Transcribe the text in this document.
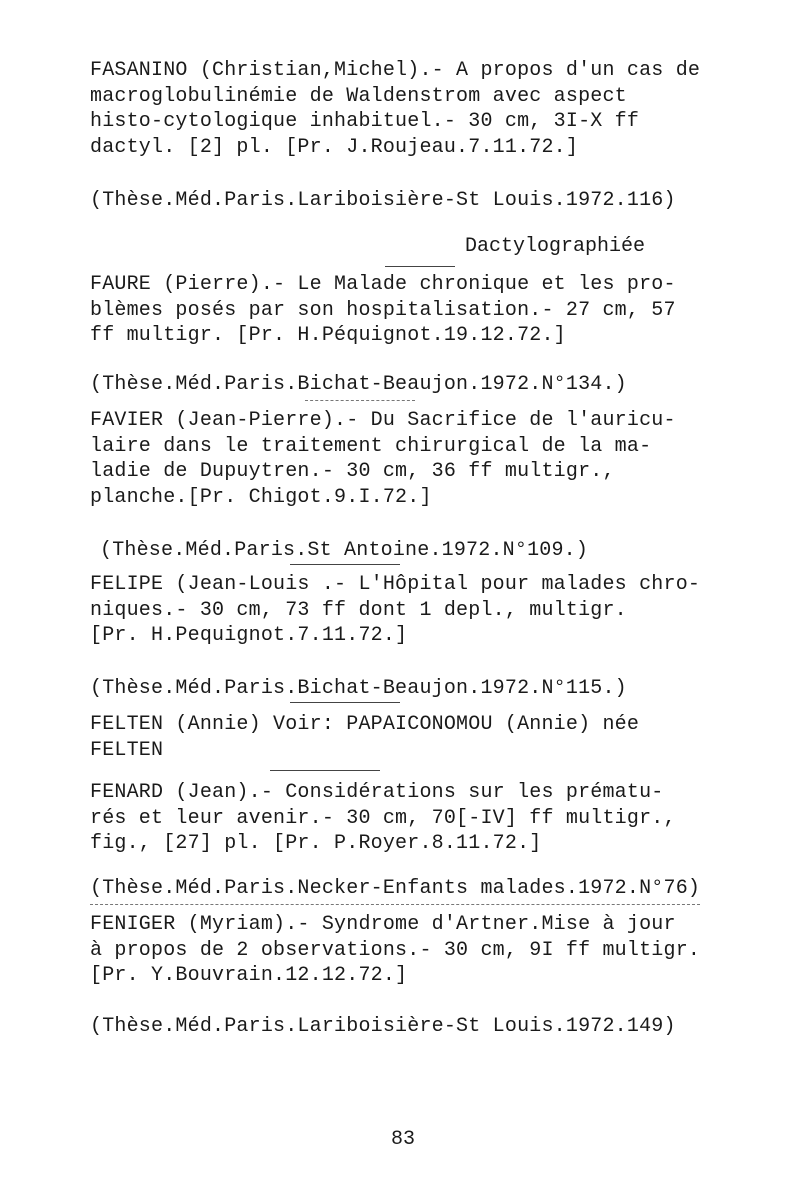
FASANINO (Christian,Michel).- A propos d'un cas de
macroglobulinémie de Waldenstrom avec aspect
histo-cytologique inhabituel.- 30 cm, 3I-X ff
dactyl. [2] pl. [Pr. J.Roujeau.7.11.72.]
(Thèse.Méd.Paris.Lariboisière-St Louis.1972.116)
Dactylographiée
FAURE (Pierre).- Le Malade chronique et les pro-
blèmes posés par son hospitalisation.- 27 cm, 57
ff multigr. [Pr. H.Péquignot.19.12.72.]
(Thèse.Méd.Paris.Bichat-Beaujon.1972.N°134.)
FAVIER (Jean-Pierre).- Du Sacrifice de l'auricu-
laire dans le traitement chirurgical de la ma-
ladie de Dupuytren.- 30 cm, 36 ff multigr.,
planche.[Pr. Chigot.9.I.72.]
(Thèse.Méd.Paris.St Antoine.1972.N°109.)
FELIPE (Jean-Louis .- L'Hôpital pour malades chro-
niques.- 30 cm, 73 ff dont 1 depl., multigr.
[Pr. H.Pequignot.7.11.72.]
(Thèse.Méd.Paris.Bichat-Beaujon.1972.N°115.)
FELTEN (Annie) Voir: PAPAICONOMOU (Annie) née
FELTEN
FENARD (Jean).- Considérations sur les prématu-
rés et leur avenir.- 30 cm, 70[-IV] ff multigr.,
fig., [27] pl. [Pr. P.Royer.8.11.72.]
(Thèse.Méd.Paris.Necker-Enfants malades.1972.N°76)
FENIGER (Myriam).- Syndrome d'Artner.Mise à jour
à propos de 2 observations.- 30 cm, 9I ff multigr.
[Pr. Y.Bouvrain.12.12.72.]
(Thèse.Méd.Paris.Lariboisière-St Louis.1972.149)
83
